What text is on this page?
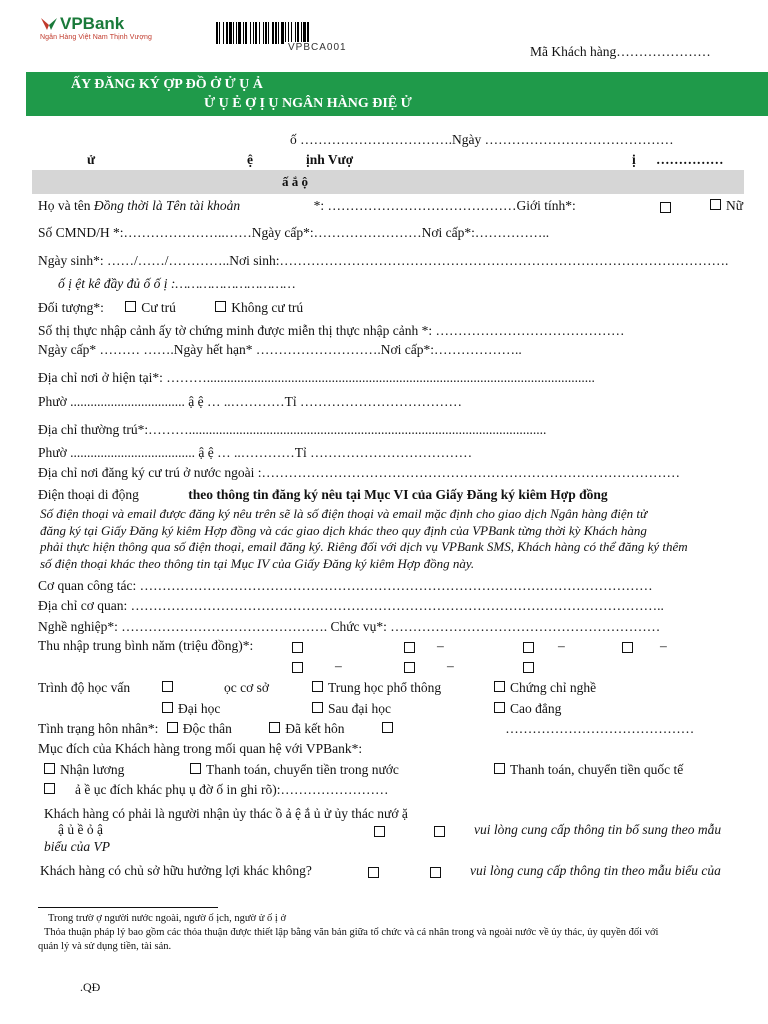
VPBank
Ngân Hàng Việt Nam Thịnh Vượng
VPBCA001	Mã Khách hàng…………………
ẤY ĐĂNG KÝ ỢP ĐỒ Ở Ử Ụ Ả
Ử Ụ Ẻ Ợ Ị Ụ NGÂN HÀNG ĐIỆ Ử
ố …………………………….Ngày ……………………………………
ử	ệ	ịnh Vượ	ị ……………
ấ ắ ộ
Họ và tên Đồng thời là Tên tài khoản	*: ……………………………………Giới tính*:	Nữ
Số CMND/H *:…………………..……Ngày cấp*:……………………Nơi cấp*:……………..
Ngày sinh*: ……/……/…………..Nơi sinh:……………………………………………………………………………………….
ố ị ệt kê đầy đủ ố ố ị :…………………………
Đối tượng*:	Cư trú	Không cư trú
Số thị thực nhập cảnh ấy tờ chứng minh được miễn thị thực nhập cảnh *: ……………………………………
Ngày cấp* ……… …….Ngày hết hạn* ……………………….Nơi cấp*:………………..
Địa chỉ nơi ở hiện tại*: ………...................................................................................................................
Phườ .................................. ậ ệ … ..…………Tỉ ………………………………
Địa chỉ thường trú*:………..........................................................................................................
Phườ ..................................... ậ ệ … ..…………Tỉ ………………………………
Địa chỉ nơi đăng ký cư trú ở nước ngoài :…………………………………………………………………………………
Điện thoại di động	theo thông tin đăng ký nêu tại Mục VI của Giấy Đăng ký kiêm Hợp đồng
Số điện thoại và email được đăng ký nêu trên sẽ là số điện thoại và email mặc định cho giao dịch Ngân hàng điện tử
đăng ký tại Giấy Đăng ký kiêm Hợp đồng và các giao dịch khác theo quy định của VPBank từng thời kỳ Khách hàng
phải thực hiện thông qua số điện thoại, email đăng ký. Riêng đối với dịch vụ VPBank SMS, Khách hàng có thể đăng ký thêm
số điện thoại khác theo thông tin tại Mục IV của Giấy Đăng ký kiêm Hợp đồng này.
Cơ quan công tác: ……………………………………………………………………………………………………
Địa chỉ cơ quan: ………………………………………………………………………………………………………..
Nghề nghiệp*: ………………………………………. Chức vụ*: ……………………………………………………
Thu nhập trung bình năm (triệu đồng)*:	–	–	–
–	–
Trình độ học vấn	ọc cơ sở	Trung học phổ thông	Chứng chỉ nghề
Đại học	Sau đại học	Cao đẳng
Tình trạng hôn nhân*: Độc thân	Đã kết hôn	……………………………………
Mục đích của Khách hàng trong mối quan hệ với VPBank*:
Nhận lương	Thanh toán, chuyển tiền trong nước	Thanh toán, chuyển tiền quốc tế
ả ề ục đích khác phụ ụ đờ ố in ghi rõ):……………………
Khách hàng có phải là người nhận ủy thác ồ ả ệ ắ ủ ử ủy thác nướ ặ
ậ ủ ề ỏ ậ	vui lòng cung cấp thông tin bổ sung theo mẫu
biểu của VP
Khách hàng có chủ sở hữu hưởng lợi khác không?	vui lòng cung cấp thông tin theo mẫu biểu của
Trong trườ ợ người nước ngoài, ngườ ố ịch, ngườ ử ố ị ở
Thỏa thuận pháp lý bao gồm các thỏa thuận được thiết lập bằng văn bản giữa tổ chức và cá nhân trong và ngoài nước về ủy thác, ủy quyền đối với
quản lý và sử dụng tiền, tài sản.
.QĐ
